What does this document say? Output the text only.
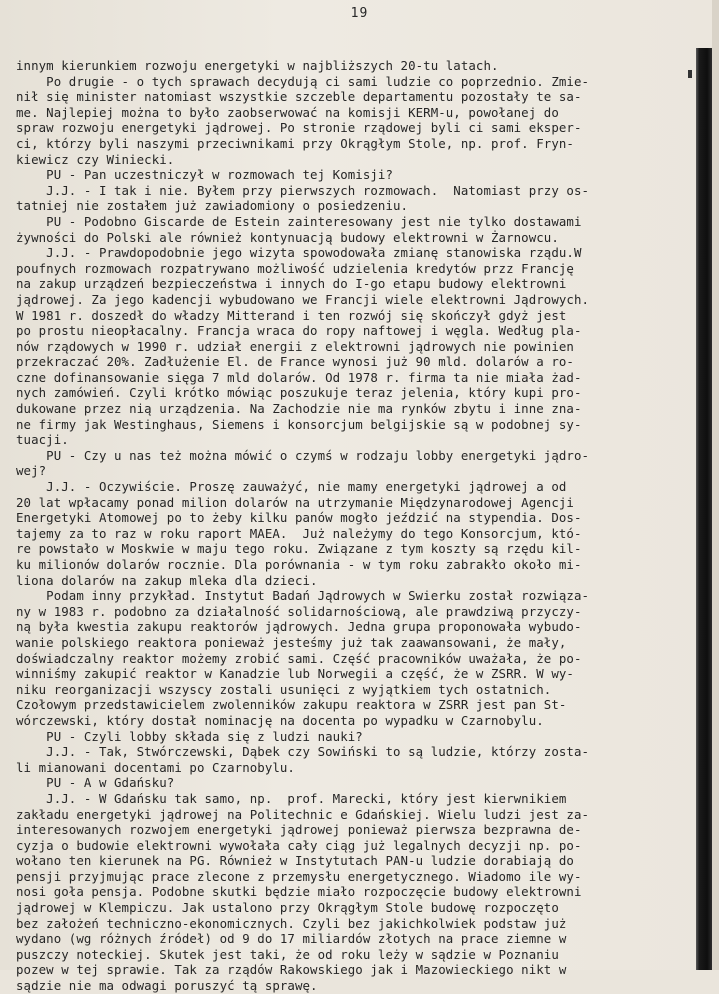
19
innym kierunkiem rozwoju energetyki w najbliższych 20-tu latach.
Po drugie - o tych sprawach decydują ci sami ludzie co poprzednio. Zmie-
nił się minister natomiast wszystkie szczeble departamentu pozostały te sa-
me. Najlepiej można to było zaobserwować na komisji KERM-u, powołanej do
spraw rozwoju energetyki jądrowej. Po stronie rządowej byli ci sami eksper-
ci, którzy byli naszymi przeciwnikami przy Okrągłym Stole, np. prof. Fryn-
kiewicz czy Winiecki.
PU - Pan uczestniczył w rozmowach tej Komisji?
J.J. - I tak i nie. Byłem przy pierwszych rozmowach.  Natomiast przy os-
tatniej nie zostałem już zawiadomiony o posiedzeniu.
PU - Podobno Giscarde de Estein zainteresowany jest nie tylko dostawami
żywności do Polski ale również kontynuacją budowy elektrowni w Żarnowcu.
J.J. - Prawdopodobnie jego wizyta spowodowała zmianę stanowiska rządu.W
poufnych rozmowach rozpatrywano możliwość udzielenia kredytów przz Francję
na zakup urządzeń bezpieczeństwa i innych do I-go etapu budowy elektrowni
jądrowej. Za jego kadencji wybudowano we Francji wiele elektrowni Jądrowych.
W 1981 r. doszedł do władzy Mitterand i ten rozwój się skończył gdyż jest
po prostu nieopłacalny. Francja wraca do ropy naftowej i węgla. Według pla-
nów rządowych w 1990 r. udział energii z elektrowni jądrowych nie powinien
przekraczać 20%. Zadłużenie El. de France wynosi już 90 mld. dolarów a ro-
czne dofinansowanie sięga 7 mld dolarów. Od 1978 r. firma ta nie miała żad-
nych zamówień. Czyli krótko mówiąc poszukuje teraz jelenia, który kupi pro-
dukowane przez nią urządzenia. Na Zachodzie nie ma rynków zbytu i inne zna-
ne firmy jak Westinghaus, Siemens i konsorcjum belgijskie są w podobnej sy-
tuacji.
PU - Czy u nas też można mówić o czymś w rodzaju lobby energetyki jądro-
wej?
J.J. - Oczywiście. Proszę zauważyć, nie mamy energetyki jądrowej a od
20 lat wpłacamy ponad milion dolarów na utrzymanie Międzynarodowej Agencji
Energetyki Atomowej po to żeby kilku panów mogło jeździć na stypendia. Dos-
tajemy za to raz w roku raport MAEA.  Już należymy do tego Konsorcjum, któ-
re powstało w Moskwie w maju tego roku. Związane z tym koszty są rzędu kil-
ku milionów dolarów rocznie. Dla porównania - w tym roku zabrakło około mi-
liona dolarów na zakup mleka dla dzieci.
Podam inny przykład. Instytut Badań Jądrowych w Swierku został rozwiąza-
ny w 1983 r. podobno za działalność solidarnościową, ale prawdziwą przyczy-
ną była kwestia zakupu reaktorów jądrowych. Jedna grupa proponowała wybudo-
wanie polskiego reaktora ponieważ jesteśmy już tak zaawansowani, że mały,
doświadczalny reaktor możemy zrobić sami. Część pracowników uważała, że po-
winniśmy zakupić reaktor w Kanadzie lub Norwegii a część, że w ZSRR. W wy-
niku reorganizacji wszyscy zostali usunięci z wyjątkiem tych ostatnich.
Czołowym przedstawicielem zwolenników zakupu reaktora w ZSRR jest pan St-
wórczewski, który dostał nominację na docenta po wypadku w Czarnobylu.
PU - Czyli lobby składa się z ludzi nauki?
J.J. - Tak, Stwórczewski, Dąbek czy Sowiński to są ludzie, którzy zosta-
li mianowani docentami po Czarnobylu.
PU - A w Gdańsku?
J.J. - W Gdańsku tak samo, np.  prof. Marecki, który jest kierwnikiem
zakładu energetyki jądrowej na Politechnic e Gdańskiej. Wielu ludzi jest za-
interesowanych rozwojem energetyki jądrowej ponieważ pierwsza bezprawna de-
cyzja o budowie elektrowni wywołała cały ciąg już legalnych decyzji np. po-
wołano ten kierunek na PG. Również w Instytutach PAN-u ludzie dorabiają do
pensji przyjmując prace zlecone z przemysłu energetycznego. Wiadomo ile wy-
nosi goła pensja. Podobne skutki będzie miało rozpoczęcie budowy elektrowni
jądrowej w Klempiczu. Jak ustalono przy Okrągłym Stole budowę rozpoczęto
bez założeń techniczno-ekonomicznych. Czyli bez jakichkolwiek podstaw już
wydano (wg różnych źródeł) od 9 do 17 miliardów złotych na prace ziemne w
puszczy noteckiej. Skutek jest taki, że od roku leży w sądzie w Poznaniu
pozew w tej sprawie. Tak za rządów Rakowskiego jak i Mazowieckiego nikt w
sądzie nie ma odwagi poruszyć tą sprawę.
